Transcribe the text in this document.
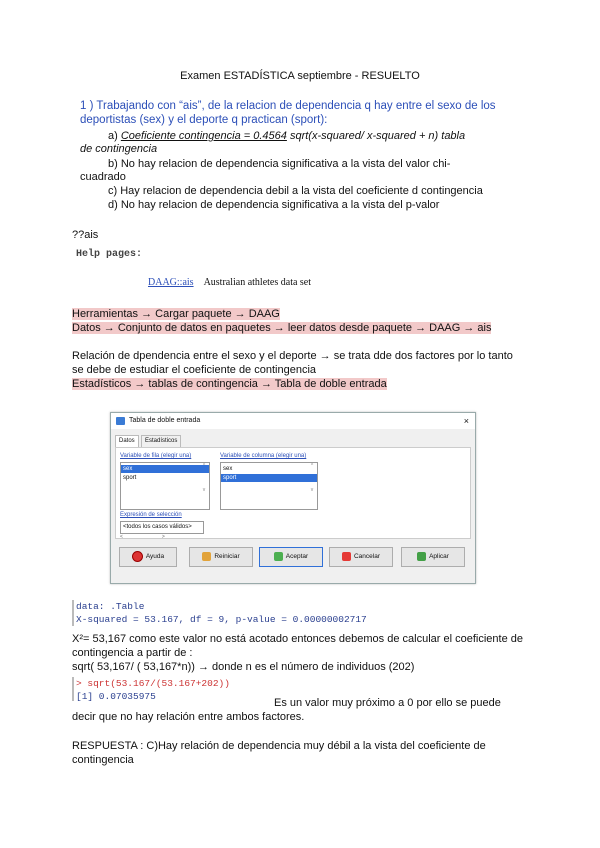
Examen ESTADÍSTICA septiembre - RESUELTO
1 ) Trabajando con “ais”, de la relacion de dependencia q hay entre el sexo de los
deportistas (sex) y el deporte q practican (sport):
a) Coeficiente contingencia = 0.4564 sqrt(x-squared/ x-squared + n) tabla
de contingencia
b) No hay relacion de dependencia significativa a la vista del valor chi-
cuadrado
c) Hay relacion de dependencia debil a la vista del coeficiente d contingencia
d) No hay relacion de dependencia significativa a la vista del p-valor
??ais
Help pages:
DAAG::ais Australian athletes data set
Herramientas → Cargar paquete → DAAG
Datos → Conjunto de datos en paquetes → leer datos desde paquete → DAAG → ais
Relación de dpendencia entre el sexo y el deporte → se trata dde dos factores por lo tanto
se debe de estudiar el coeficiente de contingencia
Estadísticos → tablas de contingencia → Tabla de doble entrada
Tabla de doble entrada	×
Datos	Estadísticos
Variable de fila (elegir una)
sex
sport
^

v
Variable de columna (elegir una)
sex
sport
^

v
Expresión de selección
<todos los casos válidos>
<                            >
Ayuda	Reiniciar	Aceptar	Cancelar	Aplicar
data: .Table
X-squared = 53.167, df = 9, p-value = 0.00000002717
X²= 53,167 como este valor no está acotado entonces debemos de calcular el coeficiente de
contingencia a partir de :
sqrt( 53,167/ ( 53,167*n)) → donde n es el número de individuos (202)
> sqrt(53.167/(53.167+202))
[1] 0.07035975
Es un valor muy próximo a 0 por ello se puede
decir que no hay relación entre ambos factores.
RESPUESTA : C)Hay relación de dependencia muy débil a la vista del coeficiente de
contingencia
